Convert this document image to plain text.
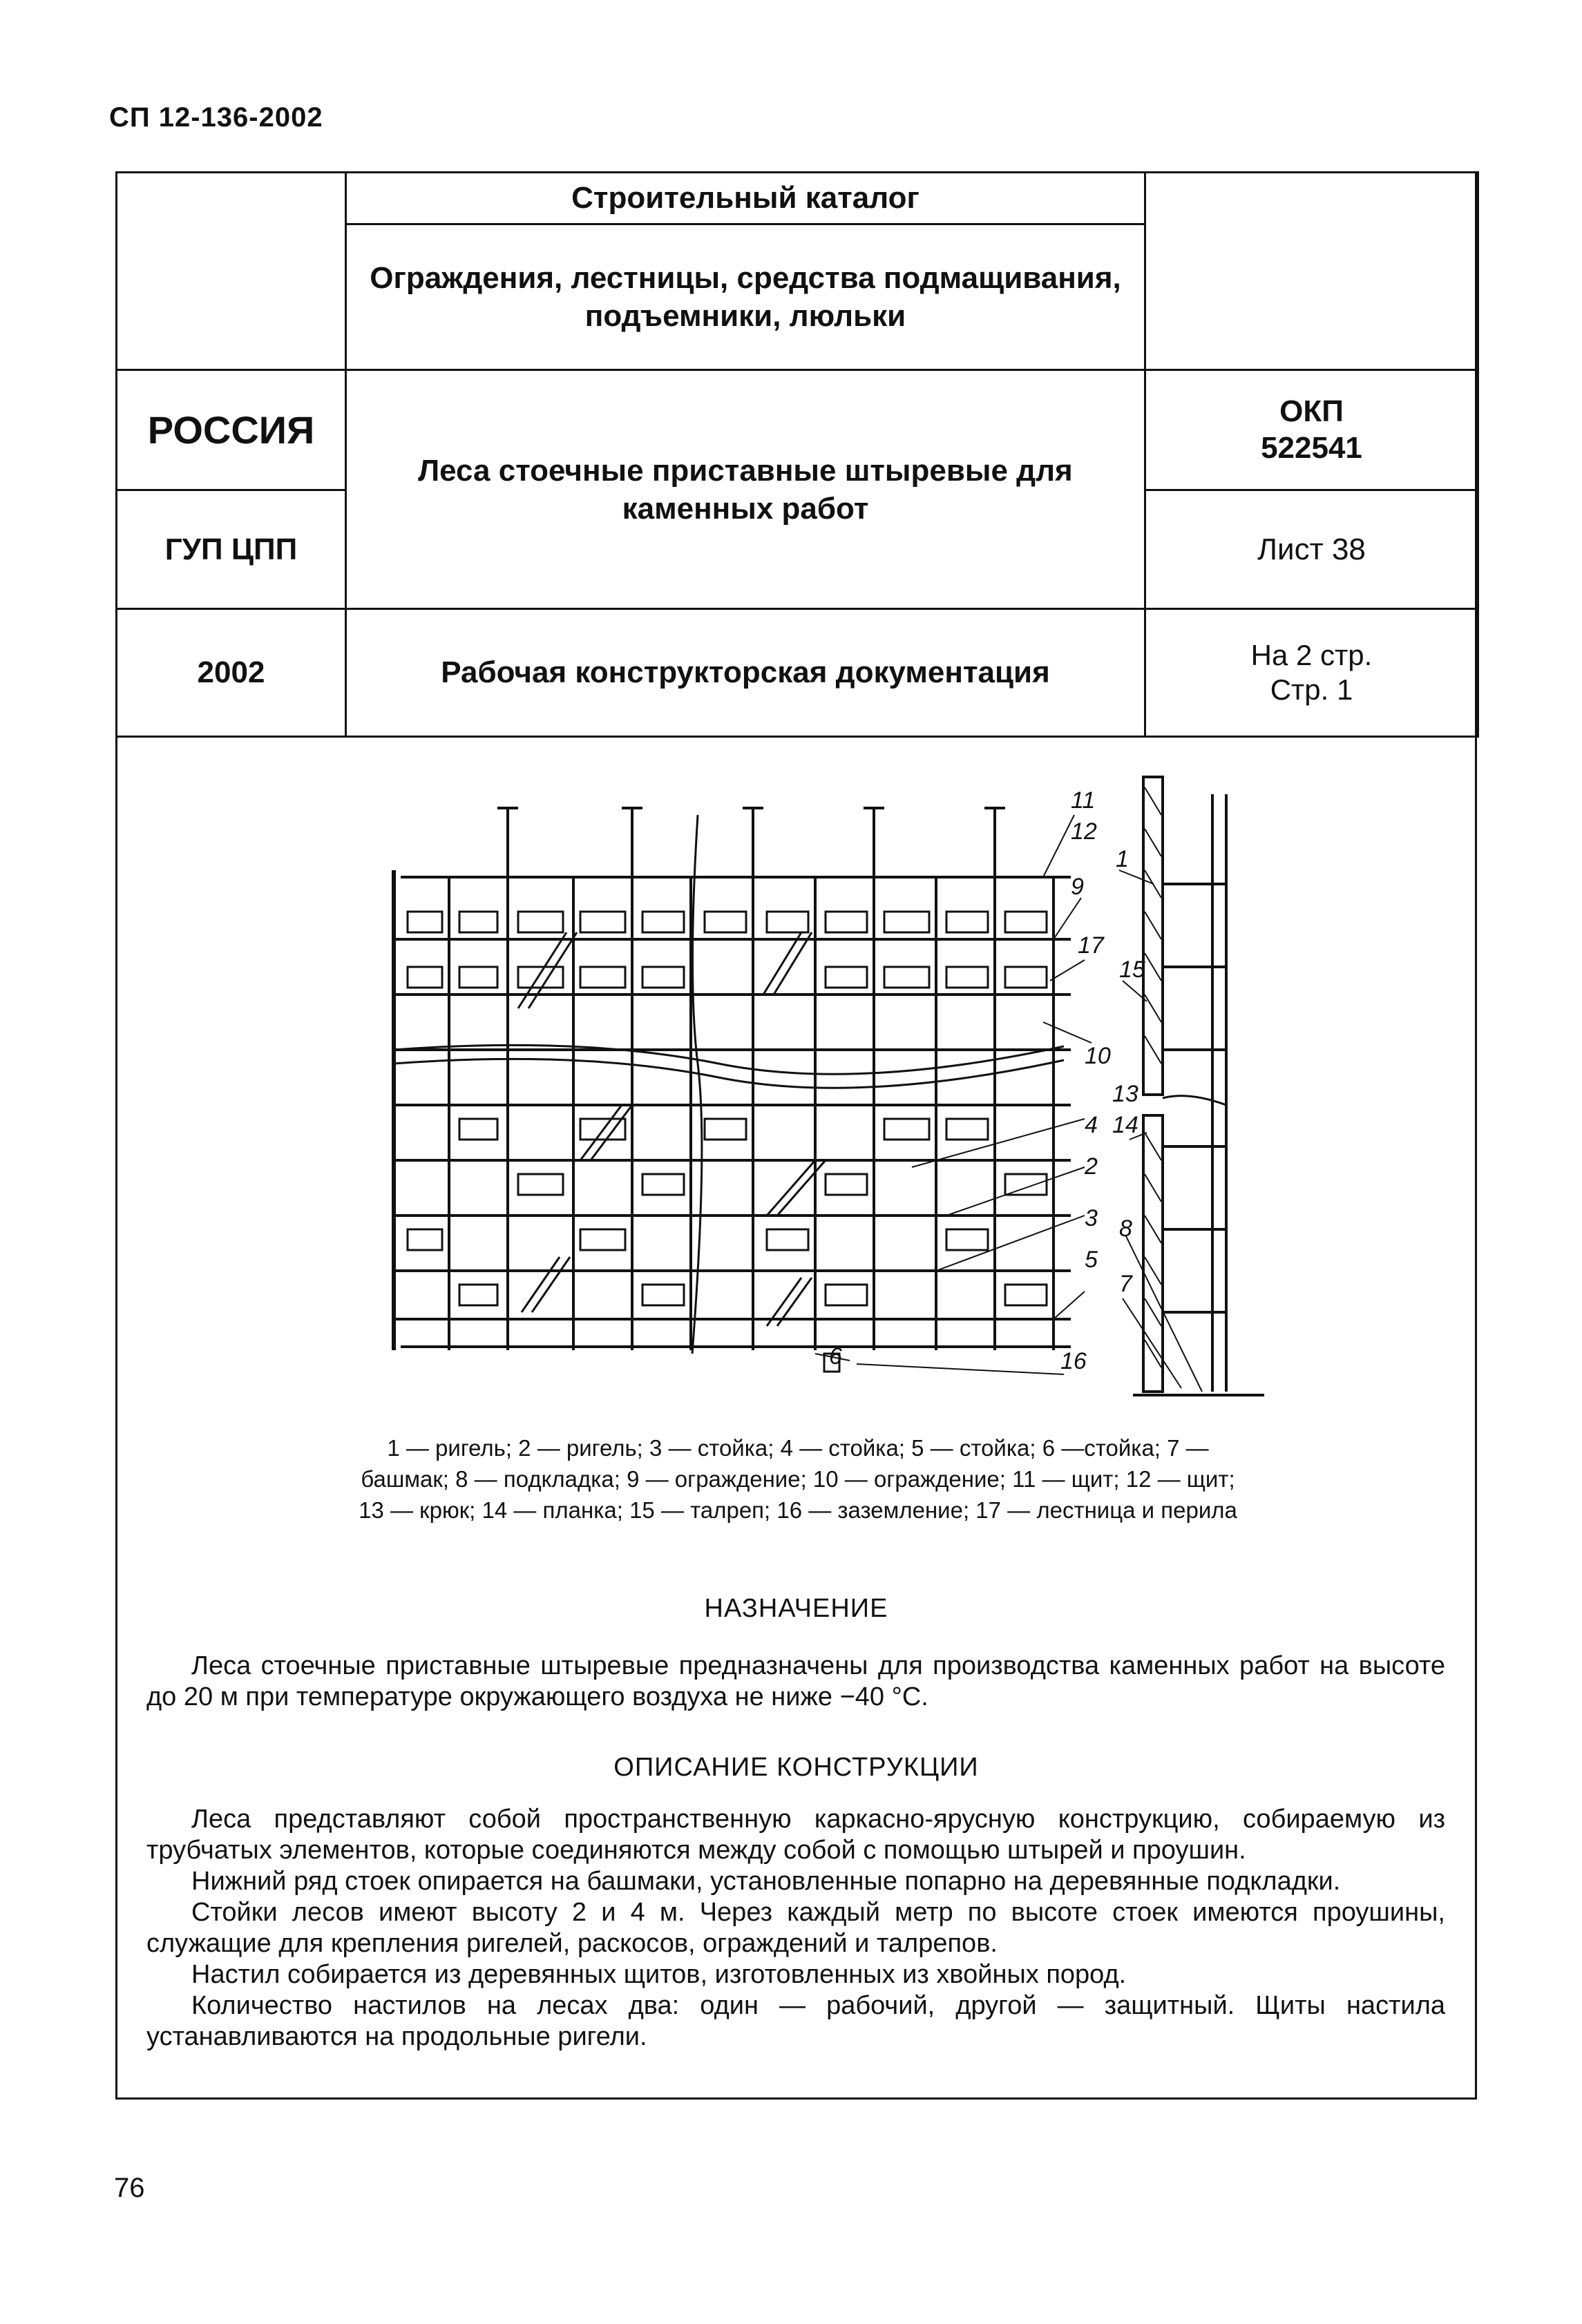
СП 12-136-2002
	Строительный каталог	
	Ограждения, лестницы, средства подмащивания, подъемники, люльки	
РОССИЯ	Леса стоечные приставные штыревые для каменных работ	ОКП
522541

ГУП ЦПП		Лист 38
2002	Рабочая конструкторская документация	На 2 стр.
Стр. 1
11
12
9
1
17
15
10
13
14
4
2
3 8
5
7
6	16
1 — ригель; 2 — ригель; 3 — стойка; 4 — стойка; 5 — стойка; 6 —стойка; 7 —
башмак; 8 — подкладка; 9 — ограждение; 10 — ограждение; 11 — щит; 12 — щит;
13 — крюк; 14 — планка; 15 — талреп; 16 — заземление; 17 — лестница и перила
НАЗНАЧЕНИЕ
Леса стоечные приставные штыревые предназначены для производства каменных работ на высоте до 20 м при температуре окружающего воздуха не ниже −40 °С.
ОПИСАНИЕ КОНСТРУКЦИИ
Леса представляют собой пространственную каркасно-ярусную конструкцию, собираемую из трубчатых элементов, которые соединяются между собой с помощью штырей и проушин.
Нижний ряд стоек опирается на башмаки, установленные попарно на деревянные подкладки.
Стойки лесов имеют высоту 2 и 4 м. Через каждый метр по высоте стоек имеются проушины, служащие для крепления ригелей, раскосов, ограждений и талрепов.
Настил собирается из деревянных щитов, изготовленных из хвойных пород.
Количество настилов на лесах два: один — рабочий, другой — защитный. Щиты настила устанавливаются на продольные ригели.
76
